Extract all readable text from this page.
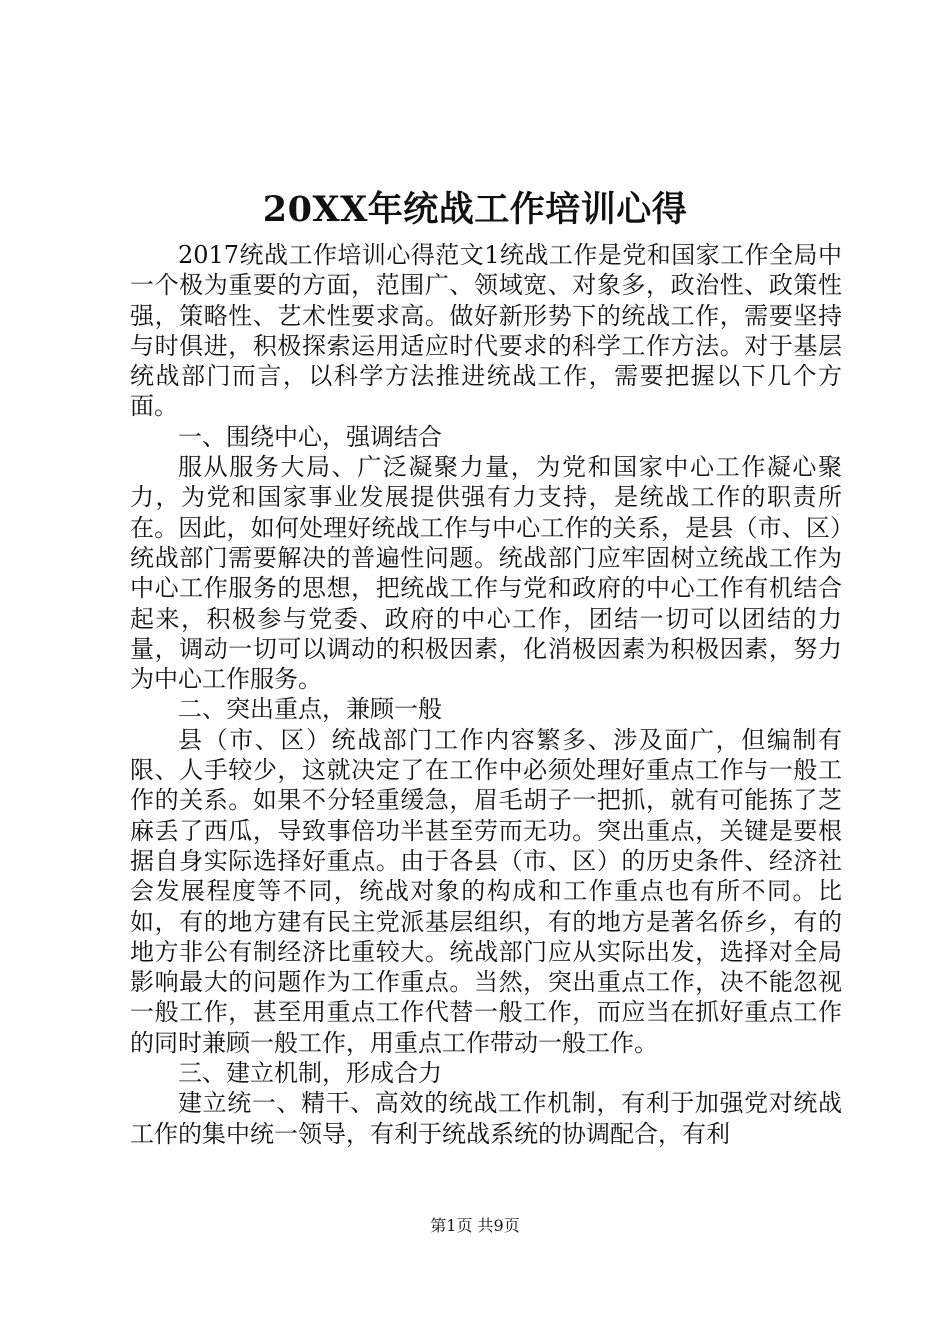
20XX年统战工作培训心得

2017统战工作培训心得范文1统战工作是党和国家工作全局中一个极为重要的方面，范围广、领域宽、对象多，政治性、政策性强，策略性、艺术性要求高。做好新形势下的统战工作，需要坚持与时俱进，积极探索运用适应时代要求的科学工作方法。对于基层统战部门而言，以科学方法推进统战工作，需要把握以下几个方面。

一、围绕中心，强调结合

服从服务大局、广泛凝聚力量，为党和国家中心工作凝心聚力，为党和国家事业发展提供强有力支持，是统战工作的职责所在。因此，如何处理好统战工作与中心工作的关系，是县（市、区）统战部门需要解决的普遍性问题。统战部门应牢固树立统战工作为中心工作服务的思想，把统战工作与党和政府的中心工作有机结合起来，积极参与党委、政府的中心工作，团结一切可以团结的力量，调动一切可以调动的积极因素，化消极因素为积极因素，努力为中心工作服务。

二、突出重点，兼顾一般

县（市、区）统战部门工作内容繁多、涉及面广，但编制有限、人手较少，这就决定了在工作中必须处理好重点工作与一般工作的关系。如果不分轻重缓急，眉毛胡子一把抓，就有可能拣了芝麻丢了西瓜，导致事倍功半甚至劳而无功。突出重点，关键是要根据自身实际选择好重点。由于各县（市、区）的历史条件、经济社会发展程度等不同，统战对象的构成和工作重点也有所不同。比如，有的地方建有民主党派基层组织，有的地方是著名侨乡，有的地方非公有制经济比重较大。统战部门应从实际出发，选择对全局影响最大的问题作为工作重点。当然，突出重点工作，决不能忽视一般工作，甚至用重点工作代替一般工作，而应当在抓好重点工作的同时兼顾一般工作，用重点工作带动一般工作。

三、建立机制，形成合力

建立统一、精干、高效的统战工作机制，有利于加强党对统战工作的集中统一领导，有利于统战系统的协调配合，有利

第1页 共9页
